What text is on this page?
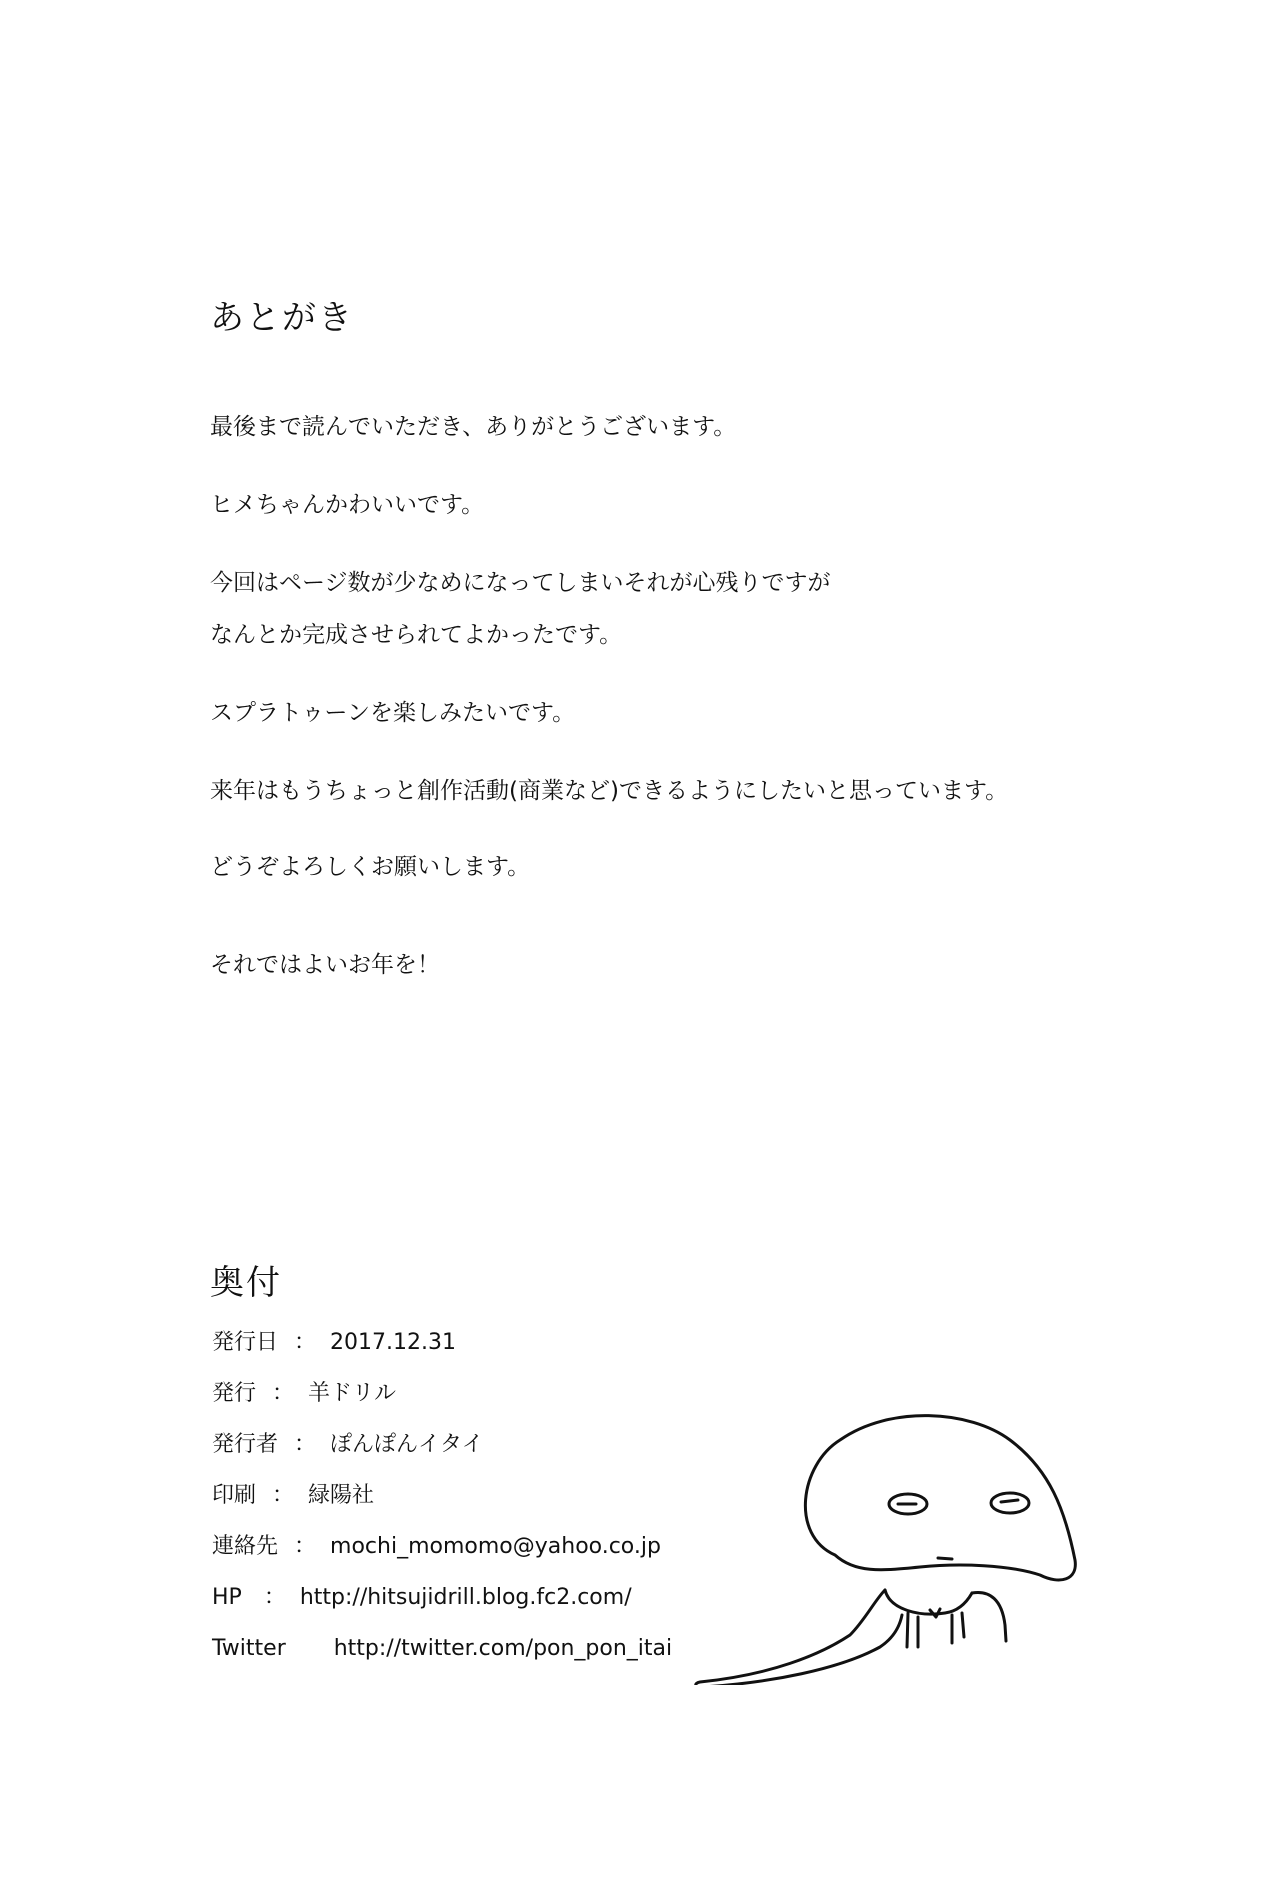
あとがき

最後まで読んでいただき、ありがとうございます。

ヒメちゃんかわいいです。

今回はページ数が少なめになってしまいそれが心残りですが

なんとか完成させられてよかったです。

スプラトゥーンを楽しみたいです。

来年はもうちょっと創作活動(商業など)できるようにしたいと思っています。

どうぞよろしくお願いします。

それではよいお年を！

奥付
発行日 ： 2017.12.31
発行 ： 羊ドリル
発行者 ： ぽんぽんイタイ
印刷 ： 緑陽社
連絡先 ： mochi_momomo@yahoo.co.jp
HP ： http://hitsujidrill.blog.fc2.com/
Twitter http://twitter.com/pon_pon_itai
